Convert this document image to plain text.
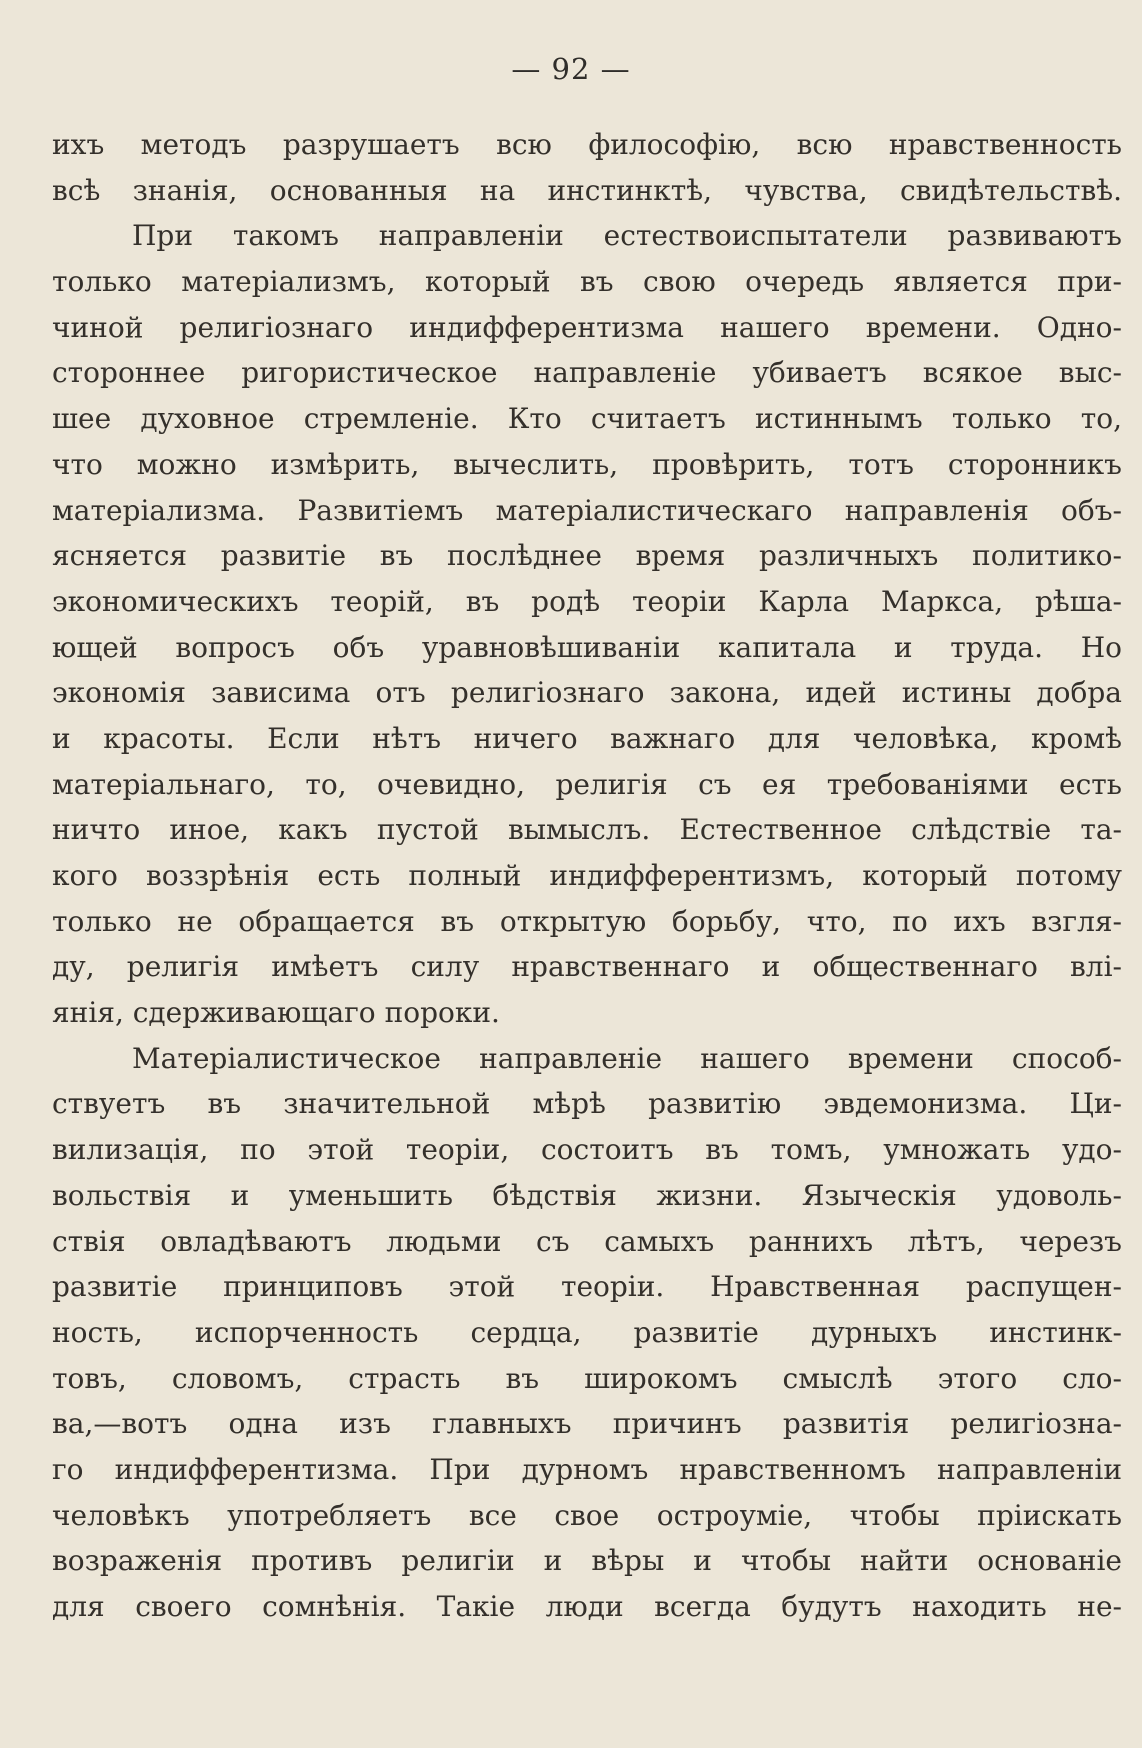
— 92 —
ихъ методъ разрушаетъ всю философію, всю нравственность
всѣ знанія, основанныя на инстинктѣ, чувства, свидѣтельствѣ.
При такомъ направленіи естествоиспытатели развиваютъ
только матеріализмъ, который въ свою очередь является при-
чиной религіознаго индифферентизма нашего времени. Одно-
стороннее ригористическое направленіе убиваетъ всякое выс-
шее духовное стремленіе. Кто считаетъ истиннымъ только то,
что можно измѣрить, вычеслить, провѣрить, тотъ сторонникъ
матеріализма. Развитіемъ матеріалистическаго направленія объ-
ясняется развитіе въ послѣднее время различныхъ политико-
экономическихъ теорій, въ родѣ теоріи Карла Маркса, рѣша-
ющей вопросъ объ уравновѣшиваніи капитала и труда. Но
экономія зависима отъ религіознаго закона, идей истины добра
и красоты. Если нѣтъ ничего важнаго для человѣка, кромѣ
матеріальнаго, то, очевидно, религія съ ея требованіями есть
ничто иное, какъ пустой вымыслъ. Естественное слѣдствіе та-
кого воззрѣнія есть полный индифферентизмъ, который потому
только не обращается въ открытую борьбу, что, по ихъ взгля-
ду, религія имѣетъ силу нравственнаго и общественнаго влі-
янія, сдерживающаго пороки.
Матеріалистическое направленіе нашего времени способ-
ствуетъ въ значительной мѣрѣ развитію эвдемонизма. Ци-
вилизація, по этой теоріи, состоитъ въ томъ, умножать удо-
вольствія и уменьшить бѣдствія жизни. Языческія удоволь-
ствія овладѣваютъ людьми съ самыхъ раннихъ лѣтъ, черезъ
развитіе принциповъ этой теоріи. Нравственная распущен-
ность, испорченность сердца, развитіе дурныхъ инстинк-
товъ, словомъ, страсть въ широкомъ смыслѣ этого сло-
ва,—вотъ одна изъ главныхъ причинъ развитія религіозна-
го индифферентизма. При дурномъ нравственномъ направленіи
человѣкъ употребляетъ все свое остроуміе, чтобы пріискать
возраженія противъ религіи и вѣры и чтобы найти основаніе
для своего сомнѣнія. Такіе люди всегда будутъ находить не-
